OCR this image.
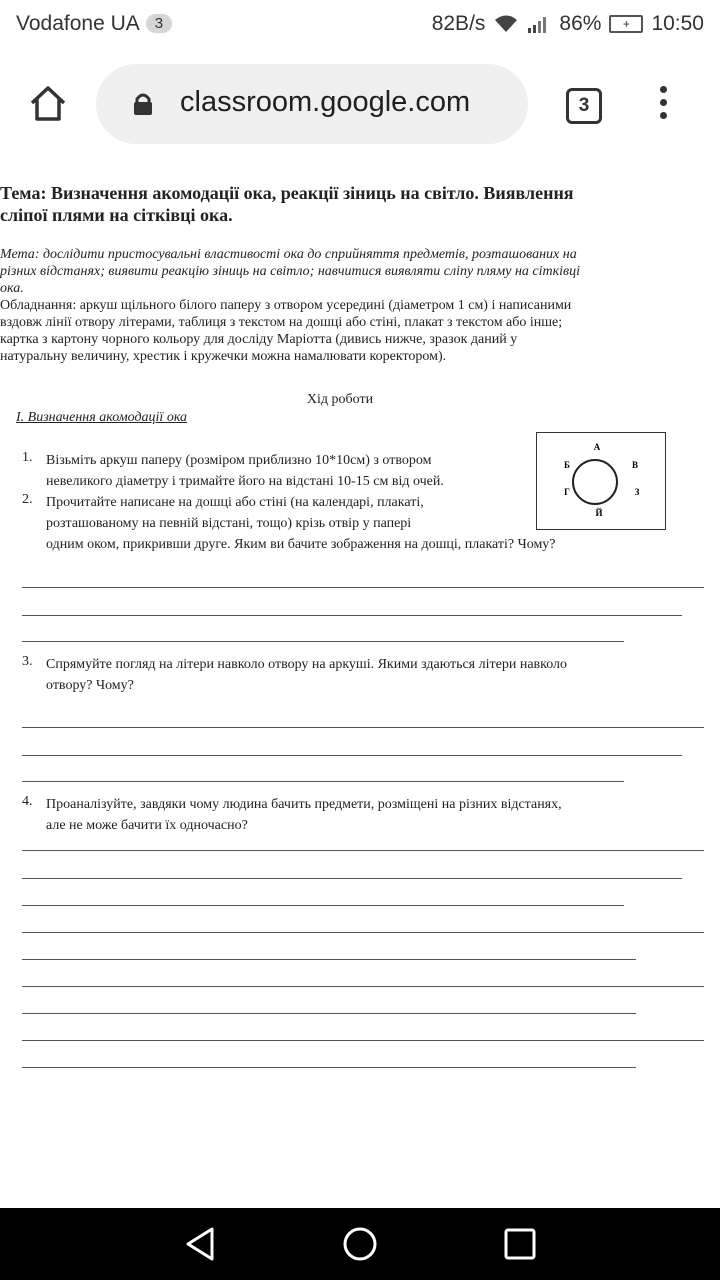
Vodafone UA 3	82B/s	86%	+	10:50
classroom.google.com	3
Тема: Визначення акомодації ока, реакції зіниць на світло. Виявлення
сліпої плями на сітківці ока.
Мета: дослідити пристосувальні властивості ока до сприйняття предметів, розташованих на
різних відстанях; виявити реакцію зіниць на світло; навчитися виявляти сліпу пляму на сітківці
ока.
Обладнання: аркуш щільного білого паперу з отвором усередині (діаметром 1 см) і написаними
вздовж лінії отвору літерами, таблиця з текстом на дошці або стіні, плакат з текстом або інше;
картка з картону чорного кольору для досліду Маріотта (дивись нижче, зразок даний у
натуральну величину, хрестик і кружечки можна намалювати коректором).
Хід роботи
І. Визначення акомодації ока
1. Візьміть аркуш паперу (розміром приблизно 10*10см) з отвором
невеликого діаметру і тримайте його на відстані 10-15 см від очей.
2. Прочитайте написане на дошці або стіні (на календарі, плакаті,
розташованому на певній відстані, тощо) крізь отвір у папері
одним оком, прикривши друге. Яким ви бачите зображення на дошці, плакаті? Чому?
А
Б	В
Г	З
Й
3. Спрямуйте погляд на літери навколо отвору на аркуші. Якими здаються літери навколо
отвору? Чому?
4. Проаналізуйте, завдяки чому людина бачить предмети, розміщені на різних відстанях,
але не може бачити їх одночасно?
